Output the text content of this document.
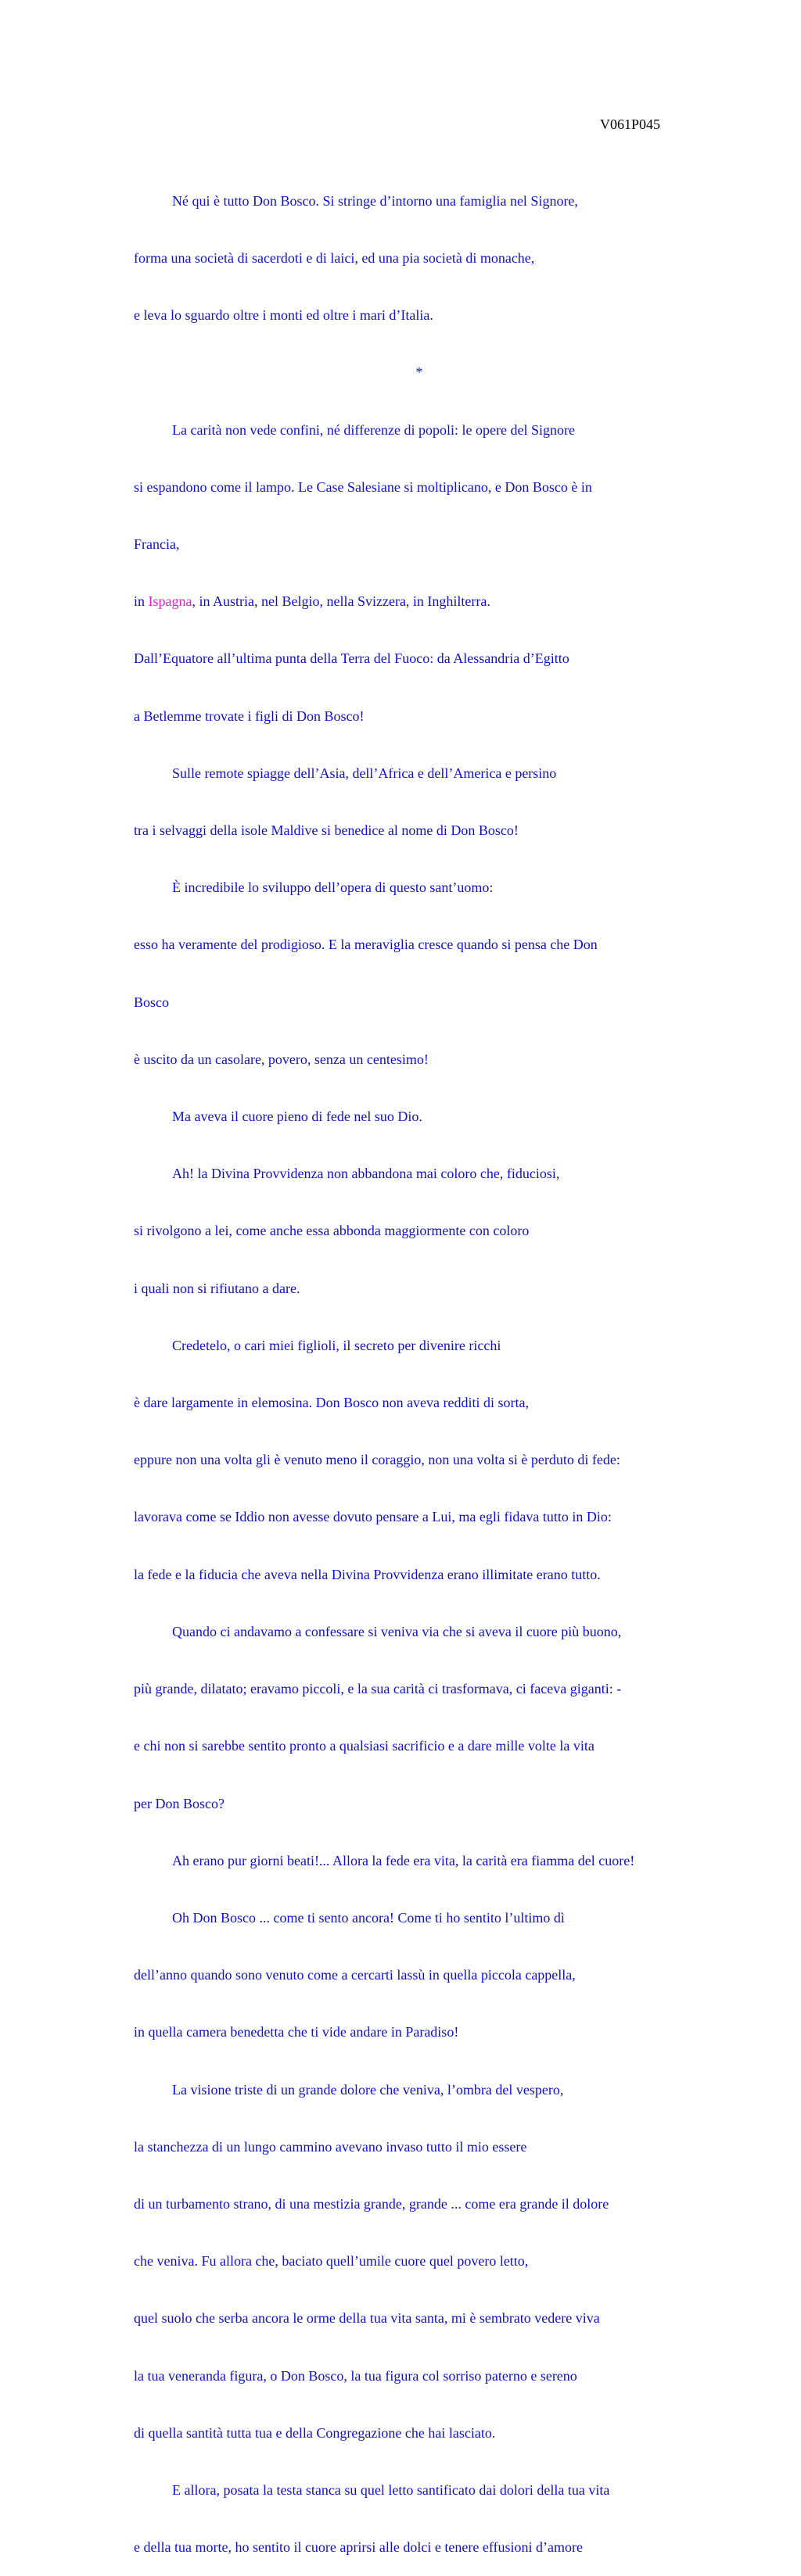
V061P045

Né qui è tutto Don Bosco. Si stringe d’intorno una famiglia nel Signore,

forma una società di sacerdoti e di laici, ed una pia società di monache,

e leva lo sguardo oltre i monti ed oltre i mari d’Italia.

*

La carità non vede confini, né differenze di popoli: le opere del Signore

si espandono come il lampo. Le Case Salesiane si moltiplicano, e Don Bosco è in

Francia,

in Ispagna, in Austria, nel Belgio, nella Svizzera, in Inghilterra.

Dall’Equatore all’ultima punta della Terra del Fuoco: da Alessandria d’Egitto

a Betlemme trovate i figli di Don Bosco!

Sulle remote spiagge dell’Asia, dell’Africa e dell’America e persino

tra i selvaggi della isole Maldive si benedice al nome di Don Bosco!

È incredibile lo sviluppo dell’opera di questo sant’uomo:

esso ha veramente del prodigioso. E la meraviglia cresce quando si pensa che Don

Bosco

è uscito da un casolare, povero, senza un centesimo!

Ma aveva il cuore pieno di fede nel suo Dio.

Ah! la Divina Provvidenza non abbandona mai coloro che, fiduciosi,

si rivolgono a lei, come anche essa abbonda maggiormente con coloro

i quali non si rifiutano a dare.

Credetelo, o cari miei figlioli, il secreto per divenire ricchi

è dare largamente in elemosina. Don Bosco non aveva redditi di sorta,

eppure non una volta gli è venuto meno il coraggio, non una volta si è perduto di fede:

lavorava come se Iddio non avesse dovuto pensare a Lui, ma egli fidava tutto in Dio:

la fede e la fiducia che aveva nella Divina Provvidenza erano illimitate erano tutto.

Quando ci andavamo a confessare si veniva via che si aveva il cuore più buono,

più grande, dilatato; eravamo piccoli, e la sua carità ci trasformava, ci faceva giganti: -

e chi non si sarebbe sentito pronto a qualsiasi sacrificio e a dare mille volte la vita

per Don Bosco?

Ah erano pur giorni beati!... Allora la fede era vita, la carità era fiamma del cuore!

Oh Don Bosco ... come ti sento ancora! Come ti ho sentito l’ultimo dì

dell’anno quando sono venuto come a cercarti lassù in quella piccola cappella,

in quella camera benedetta che ti vide andare in Paradiso!

La visione triste di un grande dolore che veniva, l’ombra del vespero,

la stanchezza di un lungo cammino avevano invaso tutto il mio essere

di un turbamento strano, di una mestizia grande, grande ... come era grande il dolore

che veniva. Fu allora che, baciato quell’umile cuore quel povero letto,

quel suolo che serba ancora le orme della tua vita santa, mi è sembrato vedere viva

la tua veneranda figura, o Don Bosco, la tua figura col sorriso paterno e sereno

di quella santità tutta tua e della Congregazione che hai lasciato.

E allora, posata la testa stanca su quel letto santificato dai dolori della tua vita

e della tua morte, ho sentito il cuore aprirsi alle dolci e tenere effusioni d’amore
